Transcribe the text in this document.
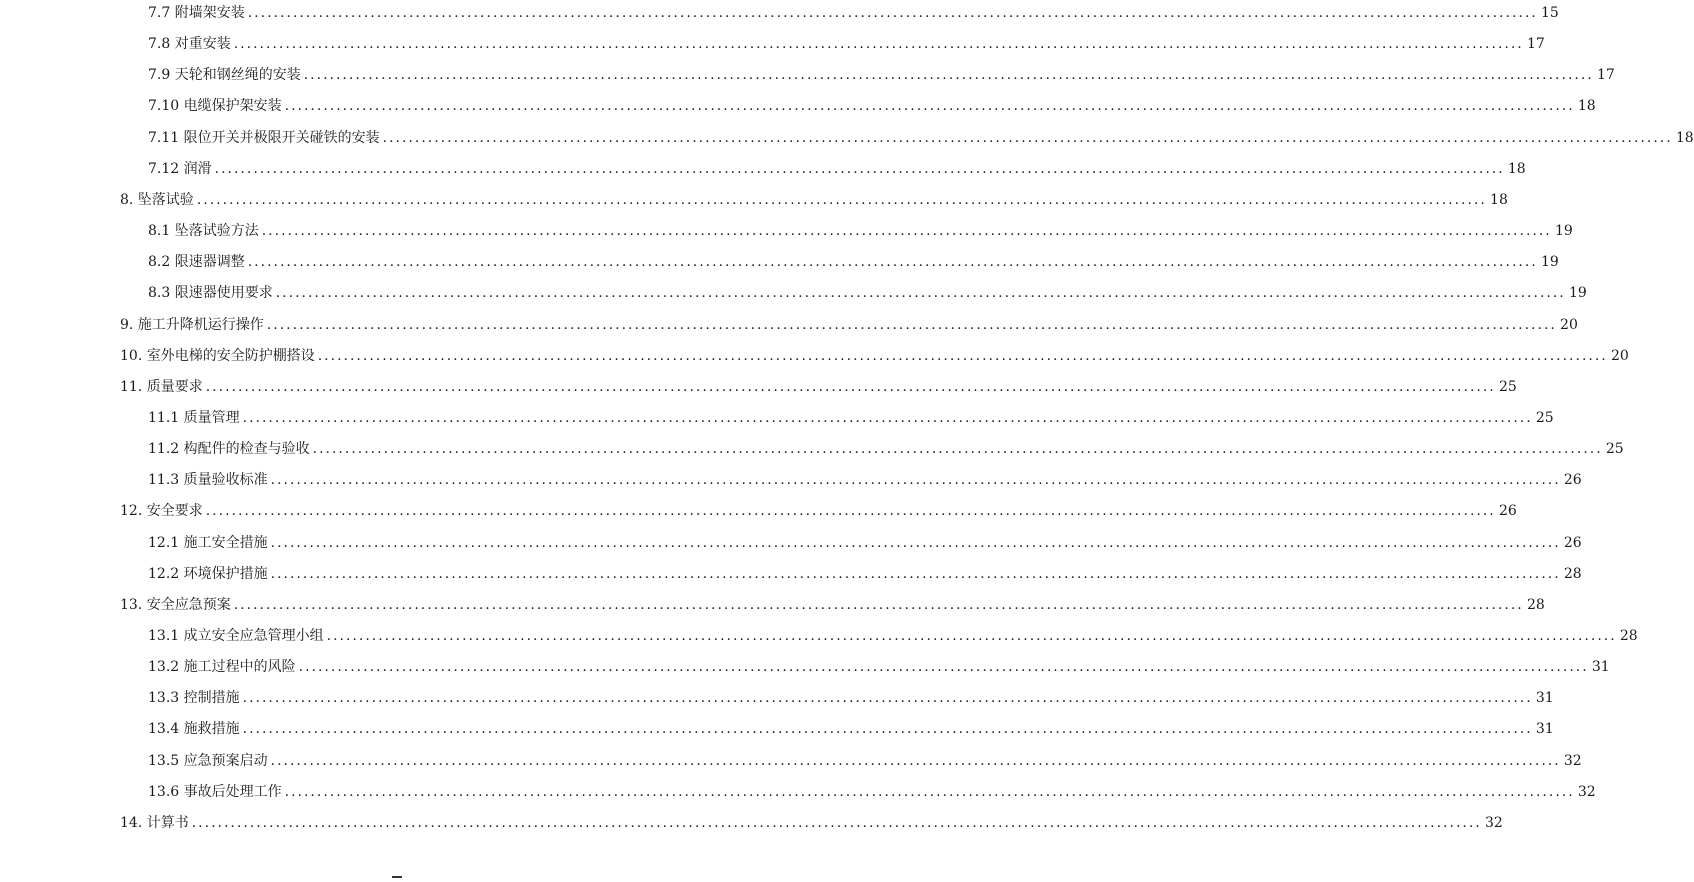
7.7 附墙架安装 ........................................................................................................................................................................................................ 15
7.8 对重安装 ........................................................................................................................................................................................................ 17
7.9 天轮和钢丝绳的安装 ........................................................................................................................................................................................................ 17
7.10 电缆保护架安装 ........................................................................................................................................................................................................ 18
7.11 限位开关并极限开关碰铁的安装 ........................................................................................................................................................................................................ 18
7.12 润滑 ........................................................................................................................................................................................................ 18
8. 坠落试验 ........................................................................................................................................................................................................ 18
8.1 坠落试验方法 ........................................................................................................................................................................................................ 19
8.2 限速器调整 ........................................................................................................................................................................................................ 19
8.3 限速器使用要求 ........................................................................................................................................................................................................ 19
9. 施工升降机运行操作 ........................................................................................................................................................................................................ 20
10. 室外电梯的安全防护棚搭设 ........................................................................................................................................................................................................ 20
11. 质量要求 ........................................................................................................................................................................................................ 25
11.1 质量管理 ........................................................................................................................................................................................................ 25
11.2 构配件的检查与验收 ........................................................................................................................................................................................................ 25
11.3 质量验收标准 ........................................................................................................................................................................................................ 26
12. 安全要求 ........................................................................................................................................................................................................ 26
12.1 施工安全措施 ........................................................................................................................................................................................................ 26
12.2 环境保护措施 ........................................................................................................................................................................................................ 28
13. 安全应急预案 ........................................................................................................................................................................................................ 28
13.1 成立安全应急管理小组 ........................................................................................................................................................................................................ 28
13.2 施工过程中的风险 ........................................................................................................................................................................................................ 31
13.3 控制措施 ........................................................................................................................................................................................................ 31
13.4 施救措施 ........................................................................................................................................................................................................ 31
13.5 应急预案启动 ........................................................................................................................................................................................................ 32
13.6 事故后处理工作 ........................................................................................................................................................................................................ 32
14. 计算书 ........................................................................................................................................................................................................ 32
